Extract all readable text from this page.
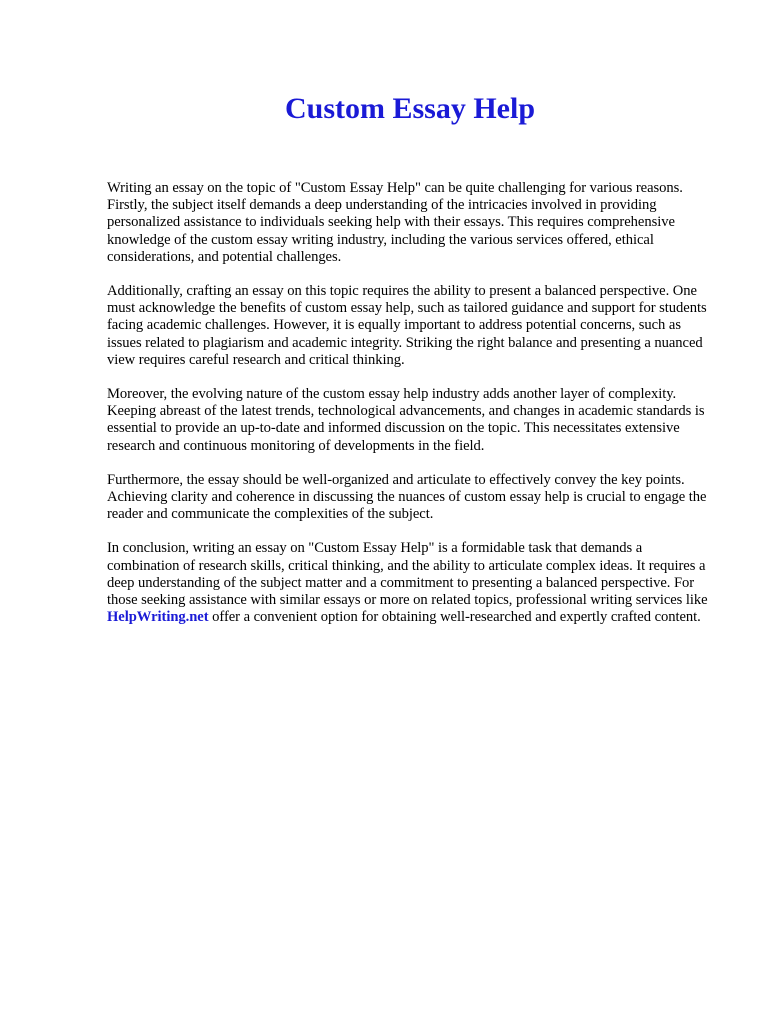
Custom Essay Help

Writing an essay on the topic of "Custom Essay Help" can be quite challenging for various reasons. Firstly, the subject itself demands a deep understanding of the intricacies involved in providing personalized assistance to individuals seeking help with their essays. This requires comprehensive knowledge of the custom essay writing industry, including the various services offered, ethical considerations, and potential challenges.

Additionally, crafting an essay on this topic requires the ability to present a balanced perspective. One must acknowledge the benefits of custom essay help, such as tailored guidance and support for students facing academic challenges. However, it is equally important to address potential concerns, such as issues related to plagiarism and academic integrity. Striking the right balance and presenting a nuanced view requires careful research and critical thinking.

Moreover, the evolving nature of the custom essay help industry adds another layer of complexity. Keeping abreast of the latest trends, technological advancements, and changes in academic standards is essential to provide an up-to-date and informed discussion on the topic. This necessitates extensive research and continuous monitoring of developments in the field.

Furthermore, the essay should be well-organized and articulate to effectively convey the key points. Achieving clarity and coherence in discussing the nuances of custom essay help is crucial to engage the reader and communicate the complexities of the subject.

In conclusion, writing an essay on "Custom Essay Help" is a formidable task that demands a combination of research skills, critical thinking, and the ability to articulate complex ideas. It requires a deep understanding of the subject matter and a commitment to presenting a balanced perspective. For those seeking assistance with similar essays or more on related topics, professional writing services like HelpWriting.net offer a convenient option for obtaining well-researched and expertly crafted content.
